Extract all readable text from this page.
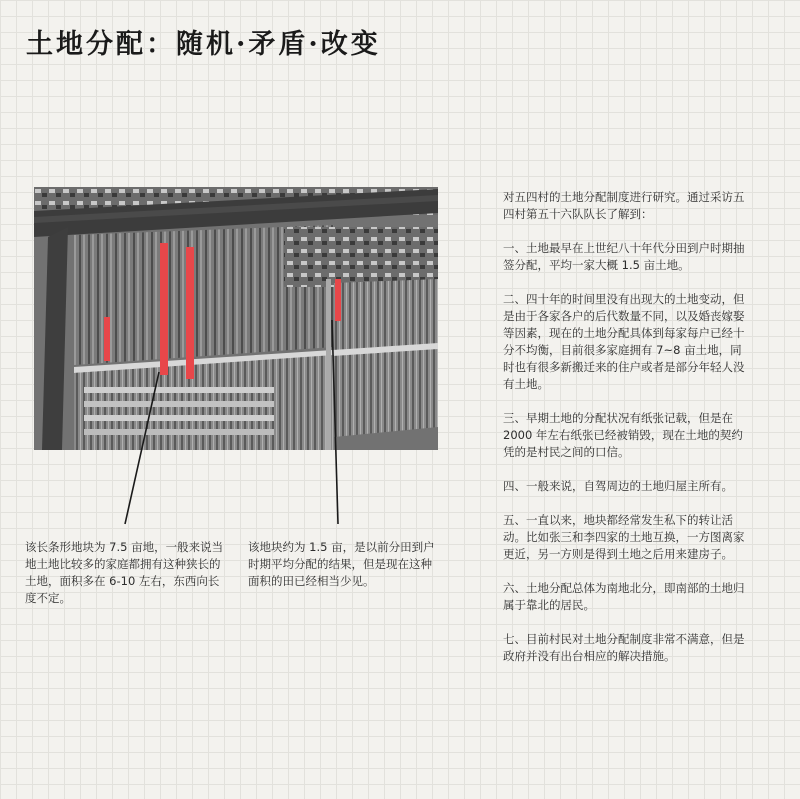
土地分配：随机·矛盾·改变
该长条形地块为 7.5 亩地，一般来说当地土地比较多的家庭都拥有这种狭长的土地，面积多在 6-10 左右，东西向长度不定。
该地块约为 1.5 亩，是以前分田到户时期平均分配的结果，但是现在这种面积的田已经相当少见。

对五四村的土地分配制度进行研究。通过采访五四村第五十六队队长了解到：

一、土地最早在上世纪八十年代分田到户时期抽签分配，平均一家大概 1.5 亩土地。

二、四十年的时间里没有出现大的土地变动，但是由于各家各户的后代数量不同，以及婚丧嫁娶等因素，现在的土地分配具体到每家每户已经十分不均衡，目前很多家庭拥有 7~8 亩土地，同时也有很多新搬迁来的住户或者是部分年轻人没有土地。

三、早期土地的分配状况有纸张记载，但是在 2000 年左右纸张已经被销毁，现在土地的契约凭的是村民之间的口信。

四、一般来说，自驾周边的土地归屋主所有。

五、一直以来，地块都经常发生私下的转让活动。比如张三和李四家的土地互换，一方图离家更近，另一方则是得到土地之后用来建房子。

六、土地分配总体为南地北分，即南部的土地归属于靠北的居民。

七、目前村民对土地分配制度非常不满意，但是政府并没有出台相应的解决措施。
